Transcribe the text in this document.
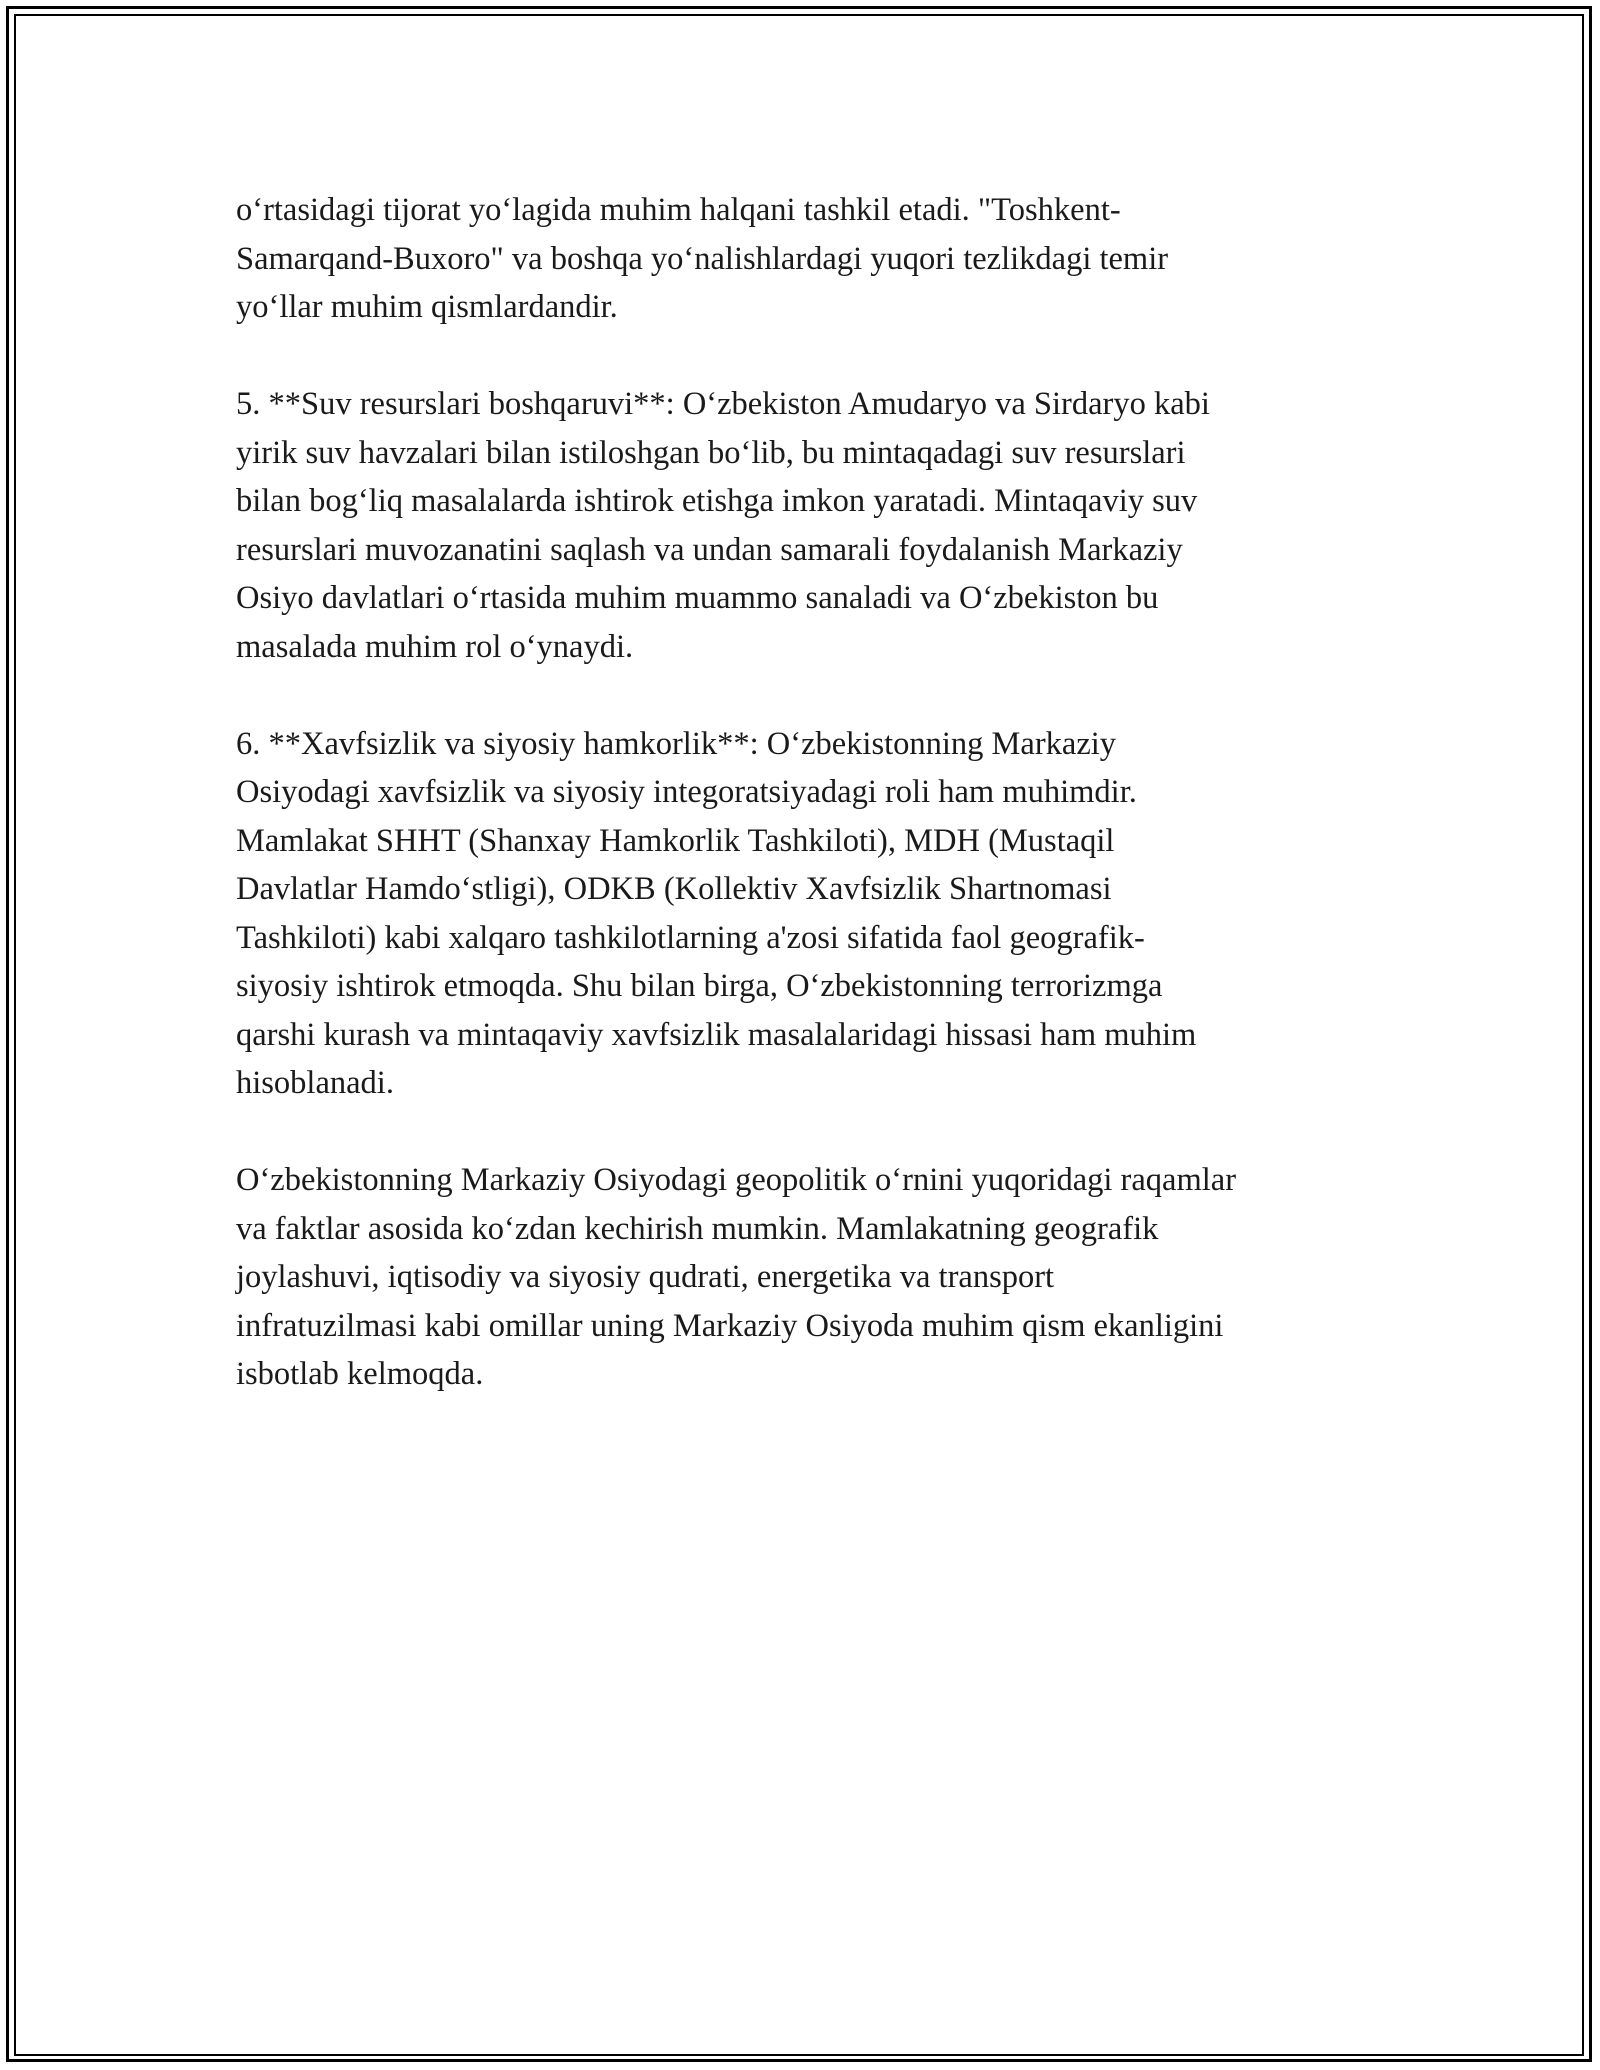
oʻrtasidagi tijorat yoʻlagida muhim halqani tashkil etadi. "Toshkent-
Samarqand-Buxoro" va boshqa yoʻnalishlardagi yuqori tezlikdagi temir
yoʻllar muhim qismlardandir.

5. **Suv resurslari boshqaruvi**: Oʻzbekiston Amudaryo va Sirdaryo kabi
yirik suv havzalari bilan istiloshgan boʻlib, bu mintaqadagi suv resurslari
bilan bogʻliq masalalarda ishtirok etishga imkon yaratadi. Mintaqaviy suv
resurslari muvozanatini saqlash va undan samarali foydalanish Markaziy
Osiyo davlatlari oʻrtasida muhim muammo sanaladi va Oʻzbekiston bu
masalada muhim rol oʻynaydi.

6. **Xavfsizlik va siyosiy hamkorlik**: Oʻzbekistonning Markaziy
Osiyodagi xavfsizlik va siyosiy integoratsiyadagi roli ham muhimdir.
Mamlakat SHHT (Shanxay Hamkorlik Tashkiloti), MDH (Mustaqil
Davlatlar Hamdoʻstligi), ODKB (Kollektiv Xavfsizlik Shartnomasi
Tashkiloti) kabi xalqaro tashkilotlarning a'zosi sifatida faol geografik-
siyosiy ishtirok etmoqda. Shu bilan birga, Oʻzbekistonning terrorizmga
qarshi kurash va mintaqaviy xavfsizlik masalalaridagi hissasi ham muhim
hisoblanadi.

Oʻzbekistonning Markaziy Osiyodagi geopolitik oʻrnini yuqoridagi raqamlar
va faktlar asosida koʻzdan kechirish mumkin. Mamlakatning geografik
joylashuvi, iqtisodiy va siyosiy qudrati, energetika va transport
infratuzilmasi kabi omillar uning Markaziy Osiyoda muhim qism ekanligini
isbotlab kelmoqda.
